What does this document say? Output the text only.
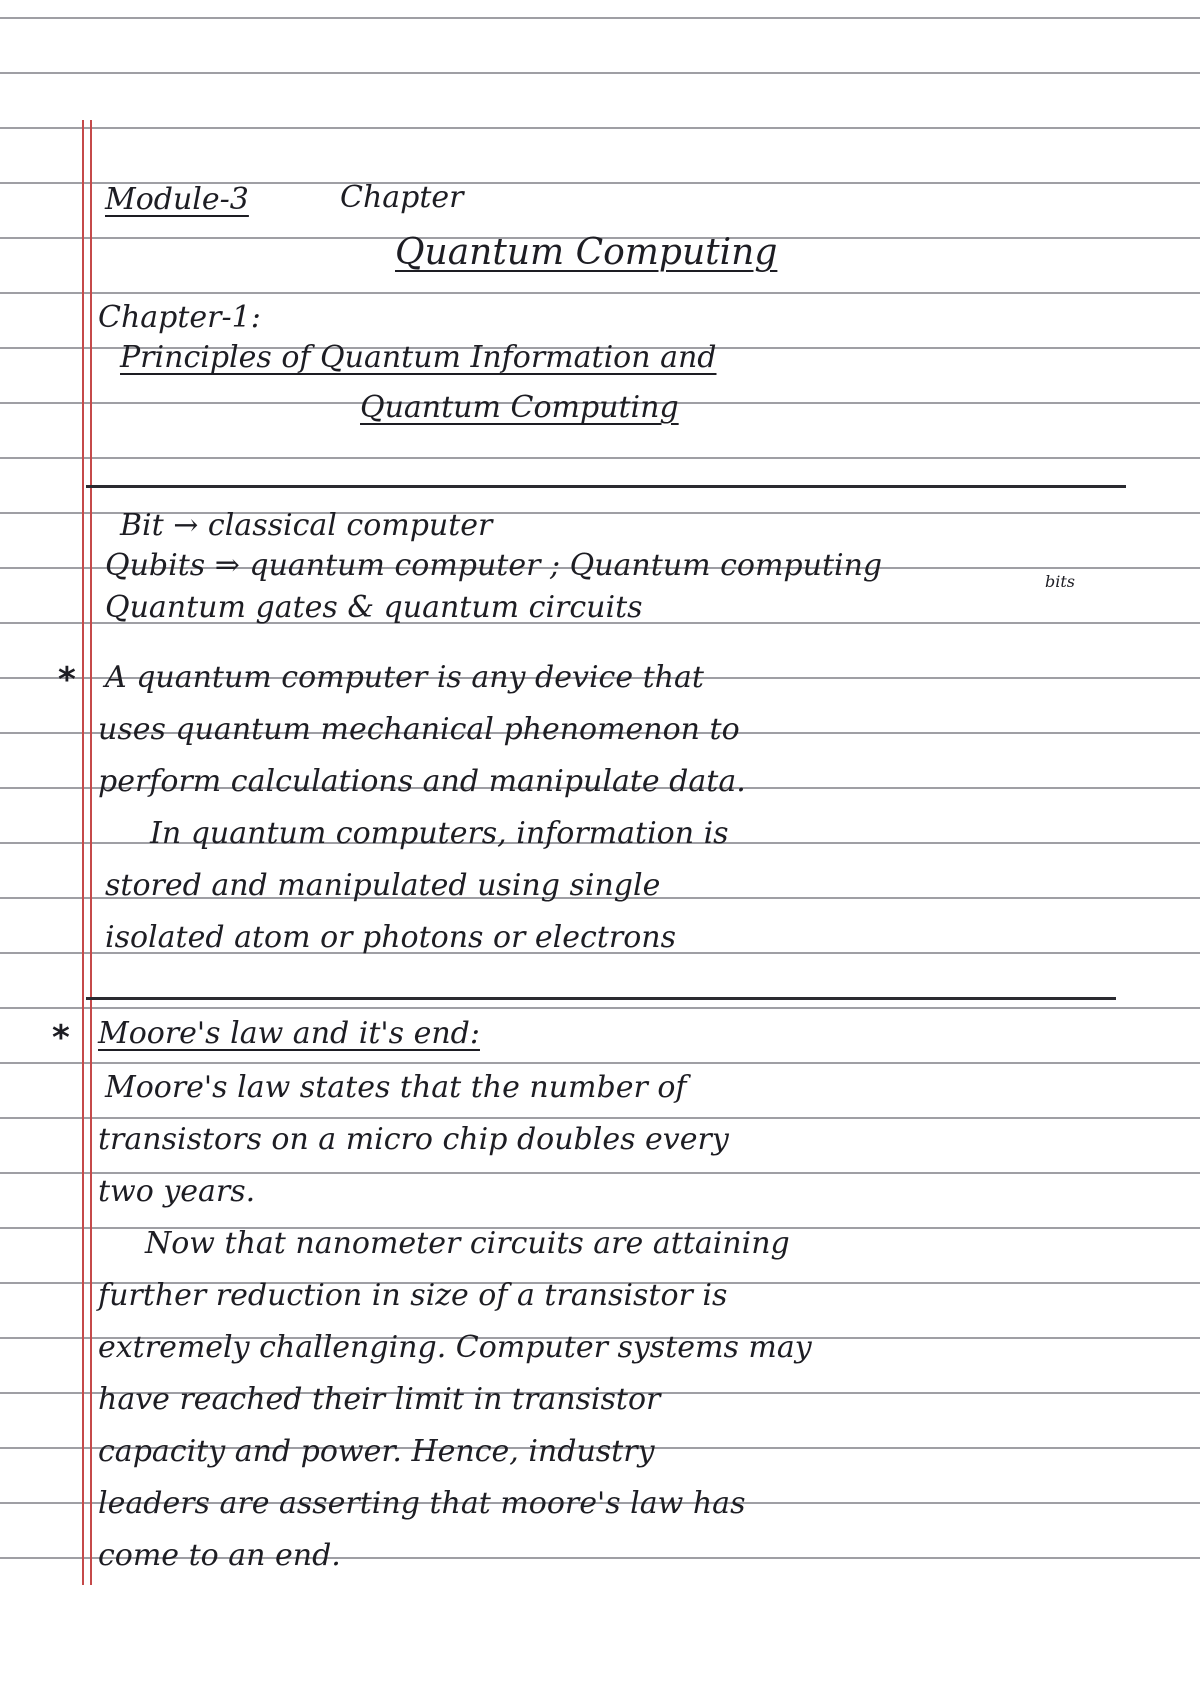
Module-3	Chapter
Quantum Computing
Chapter-1:
Principles of Quantum Information and
Quantum Computing
Bit → classical computer
Qubits ⇒ quantum computer ; Quantum computing	bits
Quantum gates & quantum circuits
* A quantum computer is any device that
uses quantum mechanical phenomenon to
perform calculations and manipulate data.
In quantum computers, information is
stored and manipulated using single
isolated atom or photons or electrons
* Moore's law and it's end:
Moore's law states that the number of
transistors on a micro chip doubles every
two years.
Now that nanometer circuits are attaining
further reduction in size of a transistor is
extremely challenging. Computer systems may
have reached their limit in transistor
capacity and power. Hence, industry
leaders are asserting that moore's law has
come to an end.
